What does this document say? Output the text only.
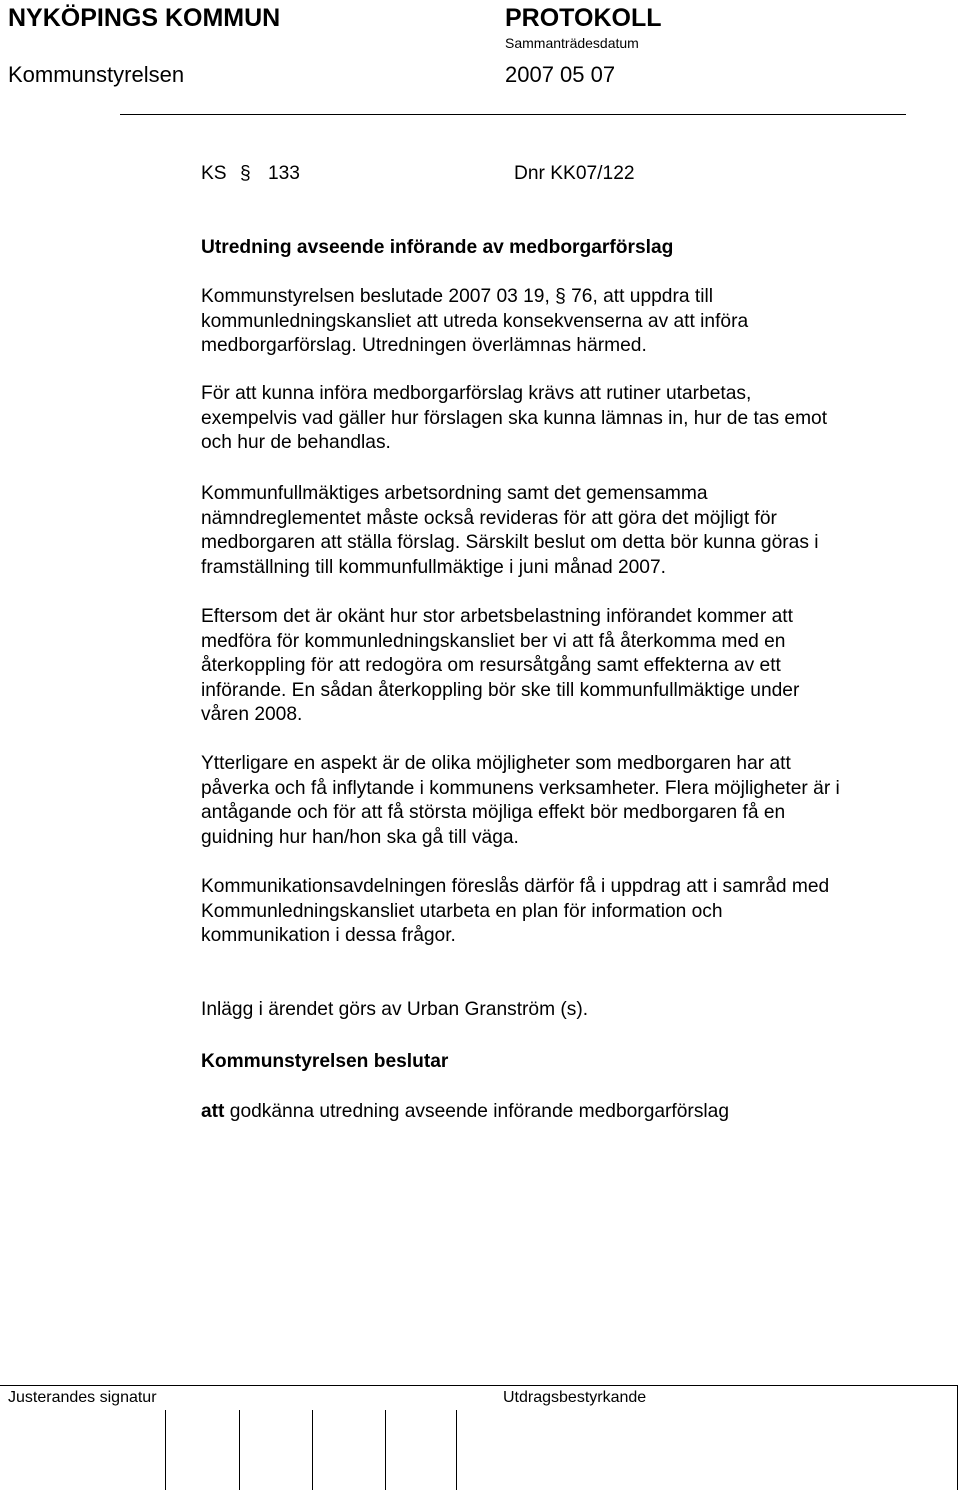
NYKÖPINGS KOMMUN	PROTOKOLL
Sammanträdesdatum
Kommunstyrelsen	2007 05 07
KS § 133	Dnr KK07/122
Utredning avseende införande av medborgarförslag
Kommunstyrelsen beslutade 2007 03 19, § 76, att uppdra till
kommunledningskansliet att utreda konsekvenserna av att införa
medborgarförslag. Utredningen överlämnas härmed.
För att kunna införa medborgarförslag krävs att rutiner utarbetas,
exempelvis vad gäller hur förslagen ska kunna lämnas in, hur de tas emot
och hur de behandlas.
Kommunfullmäktiges arbetsordning samt det gemensamma
nämndreglementet måste också revideras för att göra det möjligt för
medborgaren att ställa förslag. Särskilt beslut om detta bör kunna göras i
framställning till kommunfullmäktige i juni månad 2007.
Eftersom det är okänt hur stor arbetsbelastning införandet kommer att
medföra för kommunledningskansliet ber vi att få återkomma med en
återkoppling för att redogöra om resursåtgång samt effekterna av ett
införande. En sådan återkoppling bör ske till kommunfullmäktige under
våren 2008.
Ytterligare en aspekt är de olika möjligheter som medborgaren har att
påverka och få inflytande i kommunens verksamheter. Flera möjligheter är i
antågande och för att få största möjliga effekt bör medborgaren få en
guidning hur han/hon ska gå till väga.
Kommunikationsavdelningen föreslås därför få i uppdrag att i samråd med
Kommunledningskansliet utarbeta en plan för information och
kommunikation i dessa frågor.
Inlägg i ärendet görs av Urban Granström (s).
Kommunstyrelsen beslutar
att godkänna utredning avseende införande medborgarförslag
Justerandes signatur	Utdragsbestyrkande
